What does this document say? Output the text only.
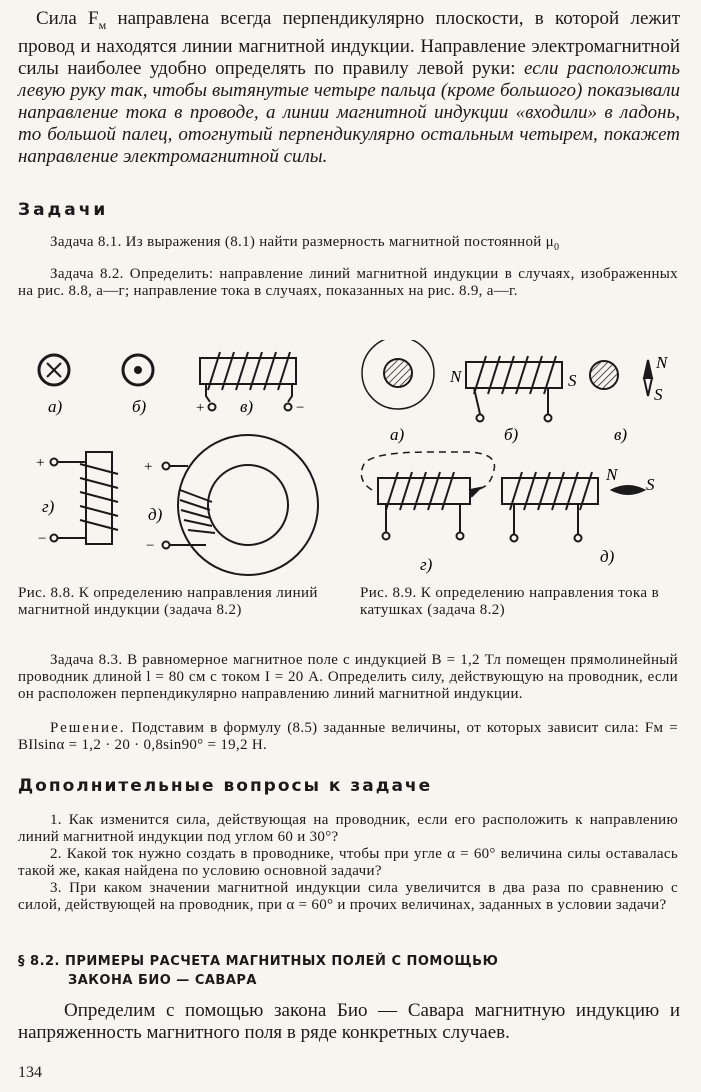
Сила $F_м$ направлена всегда перпендикулярно плоскости, в которой лежит провод и находятся линии магнитной индукции. Направление электромагнитной силы наиболее удобно определять по правилу левой руки: если расположить левую руку так, чтобы вытянутые четыре пальца (кроме большого) показывали направление тока в проводе, а линии магнитной индукции «входили» в ладонь, то большой палец, отогнутый перпендикулярно остальным четырем, покажет направление электромагнитной силы.
Задачи
Задача 8.1. Из выражения (8.1) найти размерность магнитной постоянной $\mu_0$
Задача 8.2. Определить: направление линий магнитной индукции в случаях, изображенных на рис. 8.8, а—г; направление тока в случаях, показанных на рис. 8.9, а—г.
а)	б)	в)
г)	д)
+	−
+
−
+
−
а)	б)	в)
г)	д)
N	S
N
S
N
S
Рис. 8.8. К определению направления линий магнитной индукции (задача 8.2)
Рис. 8.9. К определению направления тока в катушках (задача 8.2)
Задача 8.3. В равномерное магнитное поле с индукцией B = 1,2 Тл помещен прямолинейный проводник длиной l = 80 см с током I = 20 А. Определить силу, действующую на проводник, если он расположен перпендикулярно направлению линий магнитной индукции.
Решение. Подставим в формулу (8.5) заданные величины, от которых зависит сила: Fм = BIlsinα = 1,2 · 20 · 0,8sin90° = 19,2 Н.
Дополнительные вопросы к задаче
1. Как изменится сила, действующая на проводник, если его расположить к направлению линий магнитной индукции под углом 60 и 30°?
2. Какой ток нужно создать в проводнике, чтобы при угле α = 60° величина силы оставалась такой же, какая найдена по условию основной задачи?
3. При каком значении магнитной индукции сила увеличится в два раза по сравнению с силой, действующей на проводник, при α = 60° и прочих величинах, заданных в условии задачи?
§ 8.2. ПРИМЕРЫ РАСЧЕТА МАГНИТНЫХ ПОЛЕЙ С ПОМОЩЬЮ
ЗАКОНА БИО — САВАРА
Определим с помощью закона Био — Савара магнитную индукцию и напряженность магнитного поля в ряде конкретных случаев.
134
